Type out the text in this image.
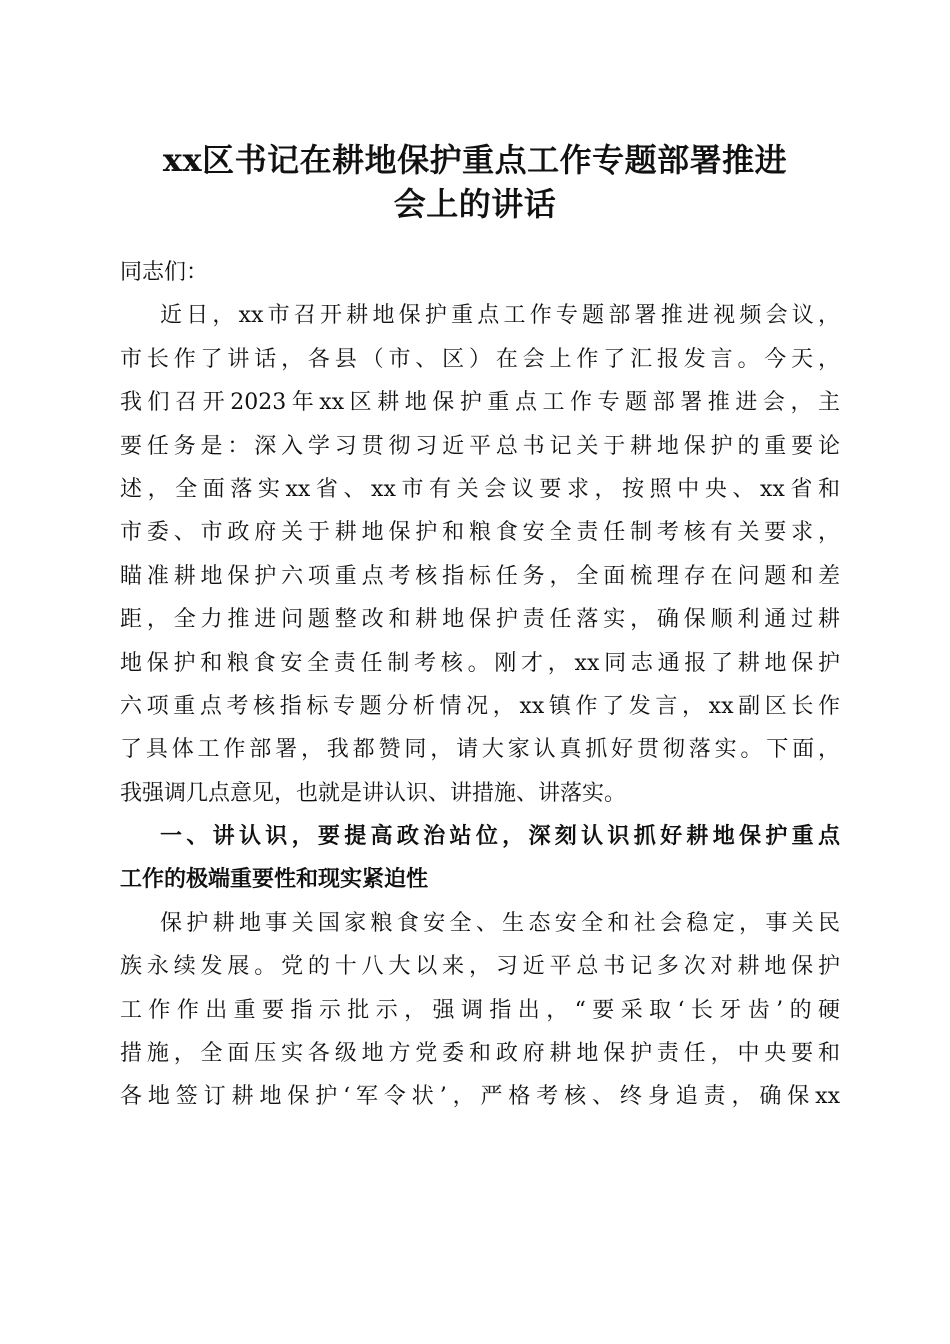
xx区书记在耕地保护重点工作专题部署推进
会上的讲话
同志们：
近日，xx市召开耕地保护重点工作专题部署推进视频会议，
市长作了讲话，各县（市、区）在会上作了汇报发言。今天，
我们召开2023年xx区耕地保护重点工作专题部署推进会，主
要任务是：深入学习贯彻习近平总书记关于耕地保护的重要论
述，全面落实xx省、xx市有关会议要求，按照中央、xx省和
市委、市政府关于耕地保护和粮食安全责任制考核有关要求，
瞄准耕地保护六项重点考核指标任务，全面梳理存在问题和差
距，全力推进问题整改和耕地保护责任落实，确保顺利通过耕
地保护和粮食安全责任制考核。刚才，xx同志通报了耕地保护
六项重点考核指标专题分析情况，xx镇作了发言，xx副区长作
了具体工作部署，我都赞同，请大家认真抓好贯彻落实。下面，
我强调几点意见，也就是讲认识、讲措施、讲落实。
一、讲认识，要提高政治站位，深刻认识抓好耕地保护重点
工作的极端重要性和现实紧迫性
保护耕地事关国家粮食安全、生态安全和社会稳定，事关民
族永续发展。党的十八大以来，习近平总书记多次对耕地保护
工作作出重要指示批示，强调指出，“要采取‘长牙齿’的硬
措施，全面压实各级地方党委和政府耕地保护责任，中央要和
各地签订耕地保护‘军令状’，严格考核、终身追责，确保xx
